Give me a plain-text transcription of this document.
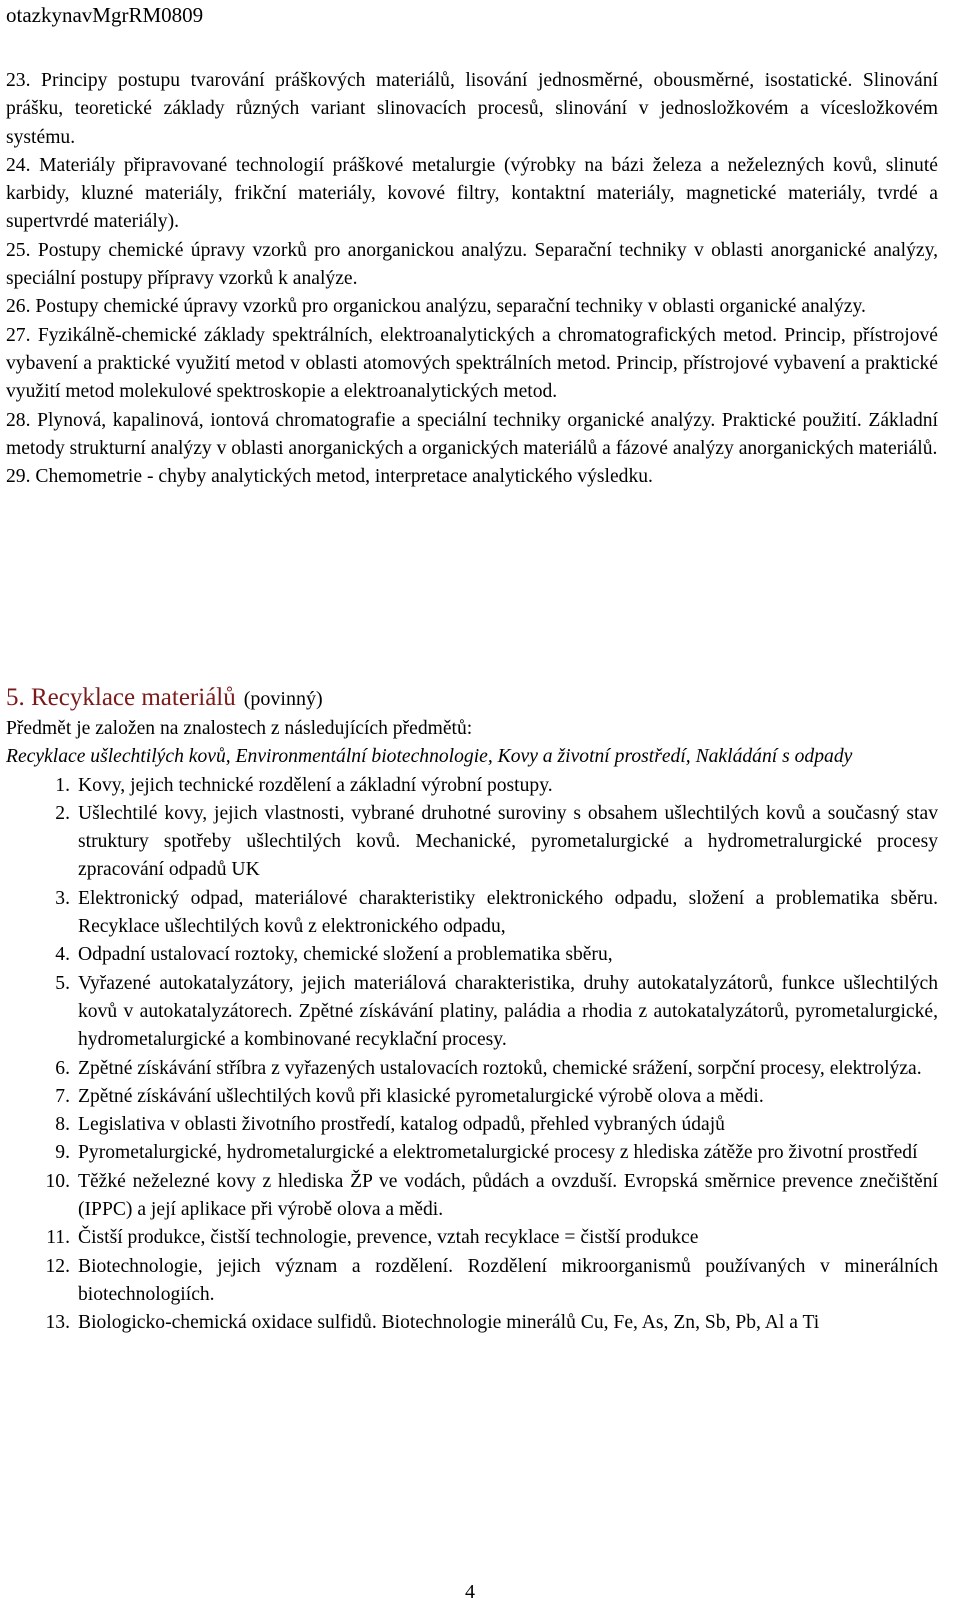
otazkynavMgrRM0809

23. Principy postupu tvarování práškových materiálů, lisování jednosměrné, obousměrné, isostatické. Slinování prášku, teoretické základy různých variant slinovacích procesů, slinování v jednosložkovém a vícesložkovém systému.

24. Materiály připravované technologií práškové metalurgie (výrobky na bázi železa a neželezných kovů, slinuté karbidy, kluzné materiály, frikční materiály, kovové filtry, kontaktní materiály, magnetické materiály, tvrdé a supertvrdé materiály).

25. Postupy chemické úpravy vzorků pro anorganickou analýzu. Separační techniky v oblasti anorganické analýzy, speciální postupy přípravy vzorků k analýze.

26. Postupy chemické úpravy vzorků pro organickou analýzu, separační techniky v oblasti organické analýzy.

27. Fyzikálně-chemické základy spektrálních, elektroanalytických a chromatografických metod. Princip, přístrojové vybavení a praktické využití metod v oblasti atomových spektrálních metod. Princip, přístrojové vybavení a praktické využití metod molekulové spektroskopie a elektroanalytických metod.

28. Plynová, kapalinová, iontová chromatografie a speciální techniky organické analýzy. Praktické použití. Základní metody strukturní analýzy v oblasti anorganických a organických materiálů a fázové analýzy anorganických materiálů.

29. Chemometrie - chyby analytických metod, interpretace analytického výsledku.

5. Recyklace materiálů (povinný)

Předmět je založen na znalostech z následujících předmětů:

Recyklace ušlechtilých kovů, Environmentální biotechnologie, Kovy a životní prostředí, Nakládání s odpady

1. Kovy, jejich technické rozdělení a základní výrobní postupy.
2. Ušlechtilé kovy, jejich vlastnosti, vybrané druhotné suroviny s obsahem ušlechtilých kovů a současný stav struktury spotřeby ušlechtilých kovů. Mechanické, pyrometalurgické a hydrometralurgické procesy zpracování odpadů UK
3. Elektronický odpad, materiálové charakteristiky elektronického odpadu, složení a problematika sběru. Recyklace ušlechtilých kovů z elektronického odpadu,
4. Odpadní ustalovací roztoky, chemické složení a problematika sběru,
5. Vyřazené autokatalyzátory, jejich materiálová charakteristika, druhy autokatalyzátorů, funkce ušlechtilých kovů v autokatalyzátorech. Zpětné získávání platiny, paládia a rhodia z autokatalyzátorů, pyrometalurgické, hydrometalurgické a kombinované recyklační procesy.
6. Zpětné získávání stříbra z vyřazených ustalovacích roztoků, chemické srážení, sorpční procesy, elektrolýza.
7. Zpětné získávání ušlechtilých kovů při klasické pyrometalurgické výrobě olova a mědi.
8. Legislativa v oblasti životního prostředí, katalog odpadů, přehled vybraných údajů
9. Pyrometalurgické, hydrometalurgické a elektrometalurgické procesy z hlediska zátěže pro životní prostředí
10. Těžké neželezné kovy z hlediska ŽP ve vodách, půdách a ovzduší. Evropská směrnice prevence znečištění (IPPC) a její aplikace při výrobě olova a mědi.
11. Čistší produkce, čistší technologie, prevence, vztah recyklace = čistší produkce
12. Biotechnologie, jejich význam a rozdělení. Rozdělení mikroorganismů používaných v minerálních biotechnologiích.
13. Biologicko-chemická oxidace sulfidů. Biotechnologie minerálů Cu, Fe, As, Zn, Sb, Pb, Al a Ti
4
